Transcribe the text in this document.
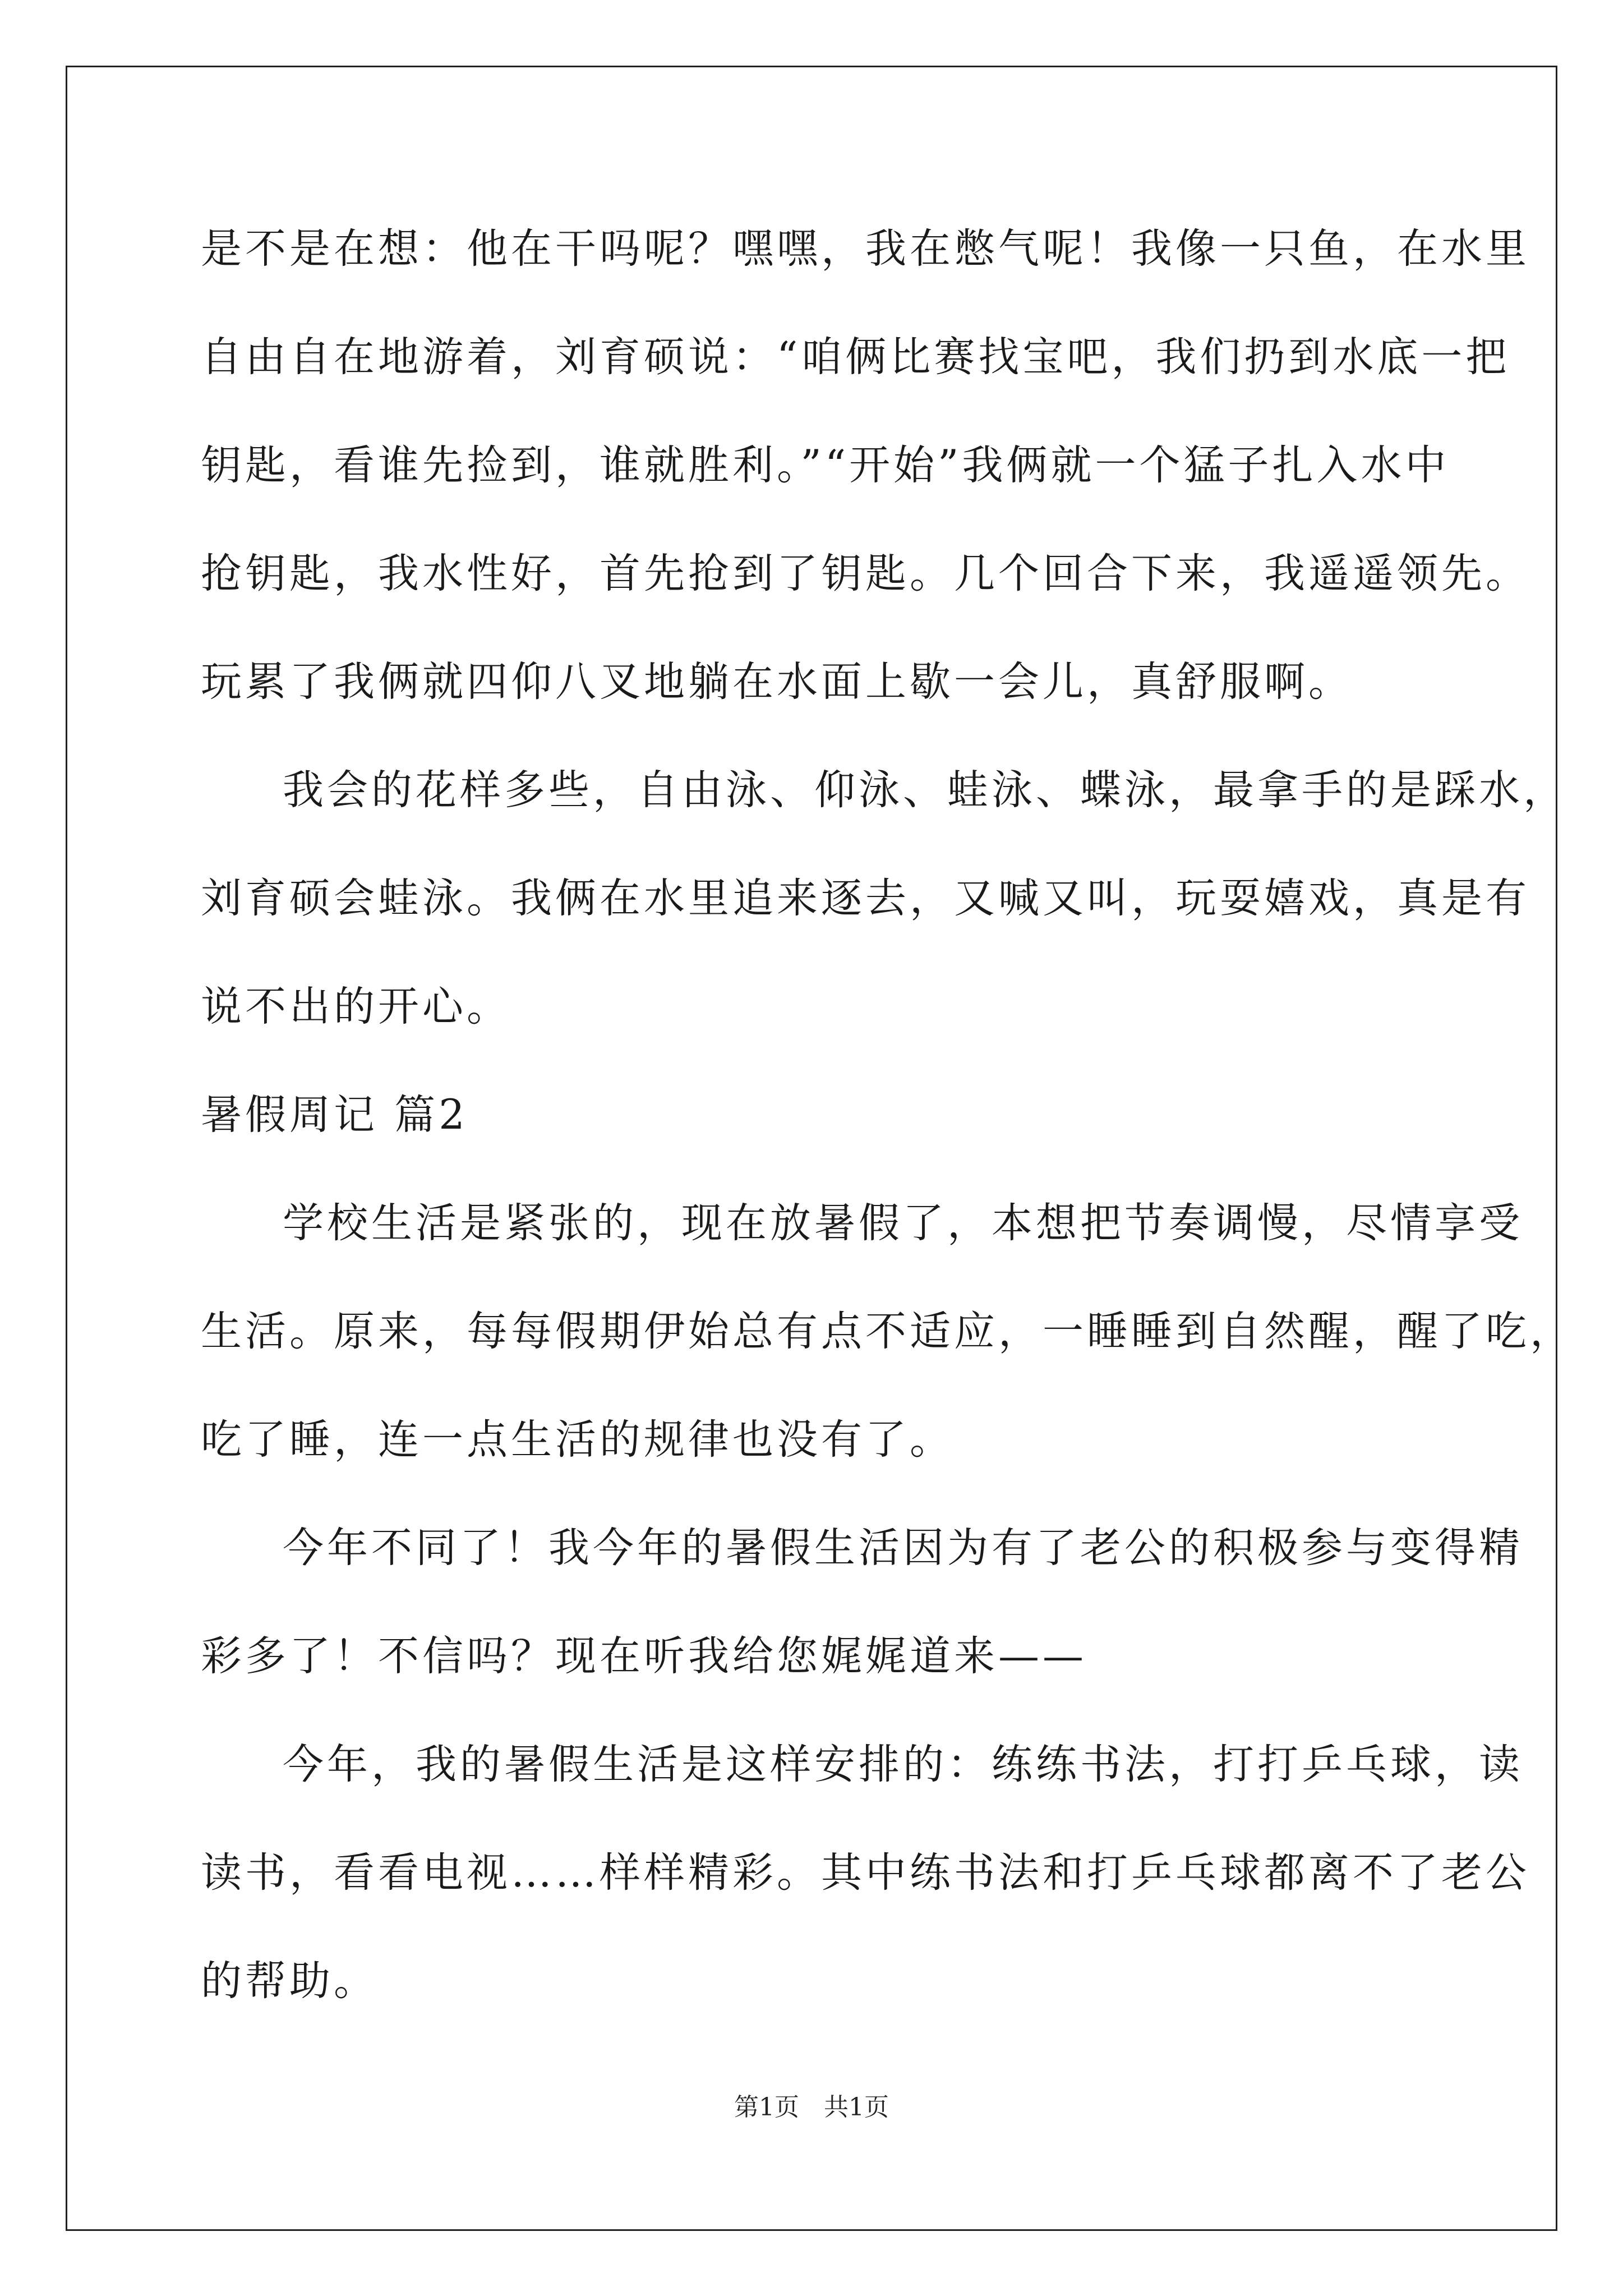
是不是在想：他在干吗呢？嘿嘿，我在憋气呢！我像一只鱼，在水里
自由自在地游着，刘育硕说：“咱俩比赛找宝吧，我们扔到水底一把
钥匙，看谁先捡到，谁就胜利。”“开始”我俩就一个猛子扎入水中
抢钥匙，我水性好，首先抢到了钥匙。几个回合下来，我遥遥领先。
玩累了我俩就四仰八叉地躺在水面上歇一会儿，真舒服啊。
我会的花样多些，自由泳、仰泳、蛙泳、蝶泳，最拿手的是踩水，
刘育硕会蛙泳。我俩在水里追来逐去，又喊又叫，玩耍嬉戏，真是有
说不出的开心。
暑假周记 篇2
学校生活是紧张的，现在放暑假了，本想把节奏调慢，尽情享受
生活。原来，每每假期伊始总有点不适应，一睡睡到自然醒，醒了吃，
吃了睡，连一点生活的规律也没有了。
今年不同了！我今年的暑假生活因为有了老公的积极参与变得精
彩多了！不信吗？现在听我给您娓娓道来——
今年，我的暑假生活是这样安排的：练练书法，打打乒乓球，读
读书，看看电视……样样精彩。其中练书法和打乒乓球都离不了老公
的帮助。
第1页　共1页
